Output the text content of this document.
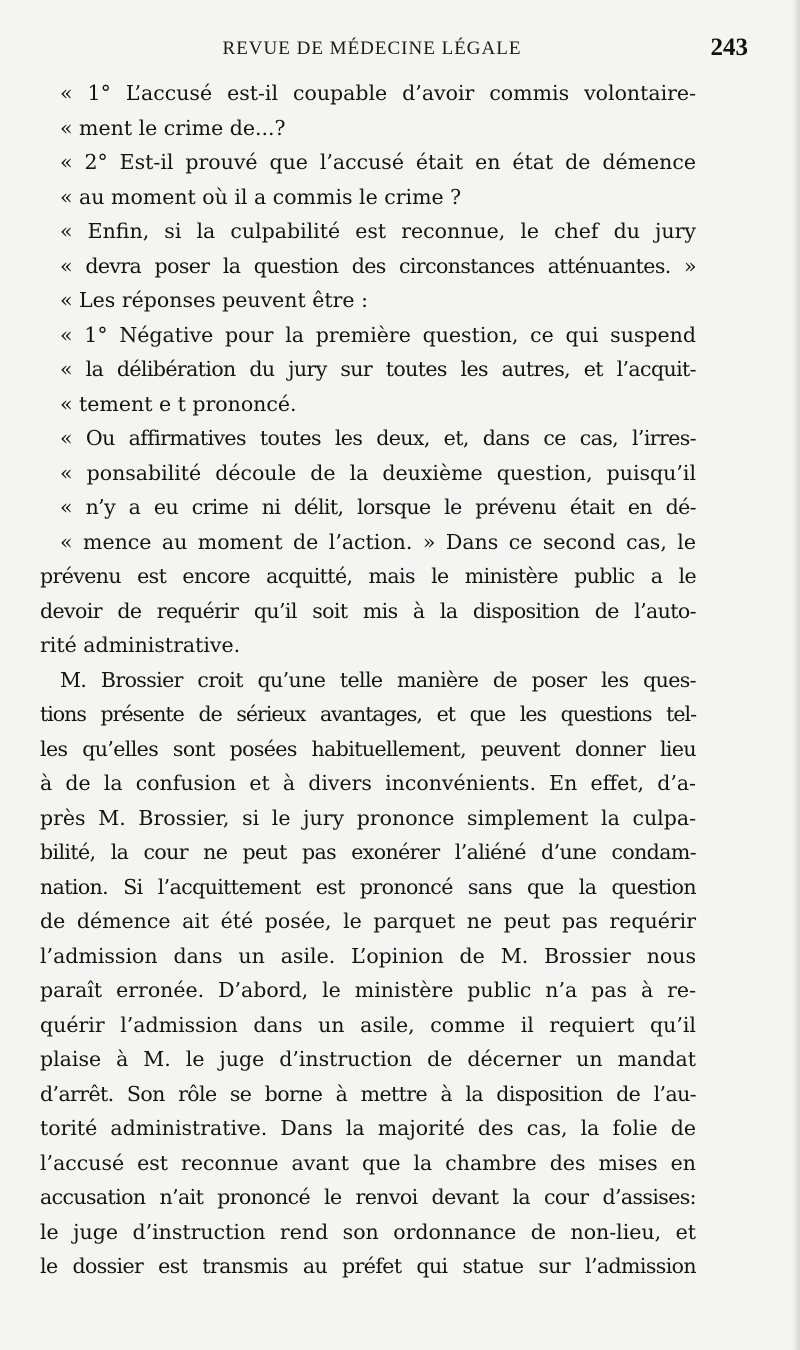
REVUE DE MÉDECINE LÉGALE	243
« 1° L’accusé est-il coupable d’avoir commis volontaire-
« ment le crime de...?
« 2° Est-il prouvé que l’accusé était en état de démence
« au moment où il a commis le crime ?
« Enfin, si la culpabilité est reconnue, le chef du jury
« devra poser la question des circonstances atténuantes. »
« Les réponses peuvent être :
« 1° Négative pour la première question, ce qui suspend
« la délibération du jury sur toutes les autres, et l’acquit-
« tement e t prononcé.
« Ou affirmatives toutes les deux, et, dans ce cas, l’irres-
« ponsabilité découle de la deuxième question, puisqu’il
« n’y a eu crime ni délit, lorsque le prévenu était en dé-
« mence au moment de l’action. » Dans ce second cas, le
prévenu est encore acquitté, mais le ministère public a le
devoir de requérir qu’il soit mis à la disposition de l’auto-
rité administrative.
M. Brossier croit qu’une telle manière de poser les ques-
tions présente de sérieux avantages, et que les questions tel-
les qu’elles sont posées habituellement, peuvent donner lieu
à de la confusion et à divers inconvénients. En effet, d’a-
près M. Brossier, si le jury prononce simplement la culpa-
bilité, la cour ne peut pas exonérer l’aliéné d’une condam-
nation. Si l’acquittement est prononcé sans que la question
de démence ait été posée, le parquet ne peut pas requérir
l’admission dans un asile. L’opinion de M. Brossier nous
paraît erronée. D’abord, le ministère public n’a pas à re-
quérir l’admission dans un asile, comme il requiert qu’il
plaise à M. le juge d’instruction de décerner un mandat
d’arrêt. Son rôle se borne à mettre à la disposition de l’au-
torité administrative. Dans la majorité des cas, la folie de
l’accusé est reconnue avant que la chambre des mises en
accusation n’ait prononcé le renvoi devant la cour d’assises:
le juge d’instruction rend son ordonnance de non-lieu, et
le dossier est transmis au préfet qui statue sur l’admission
